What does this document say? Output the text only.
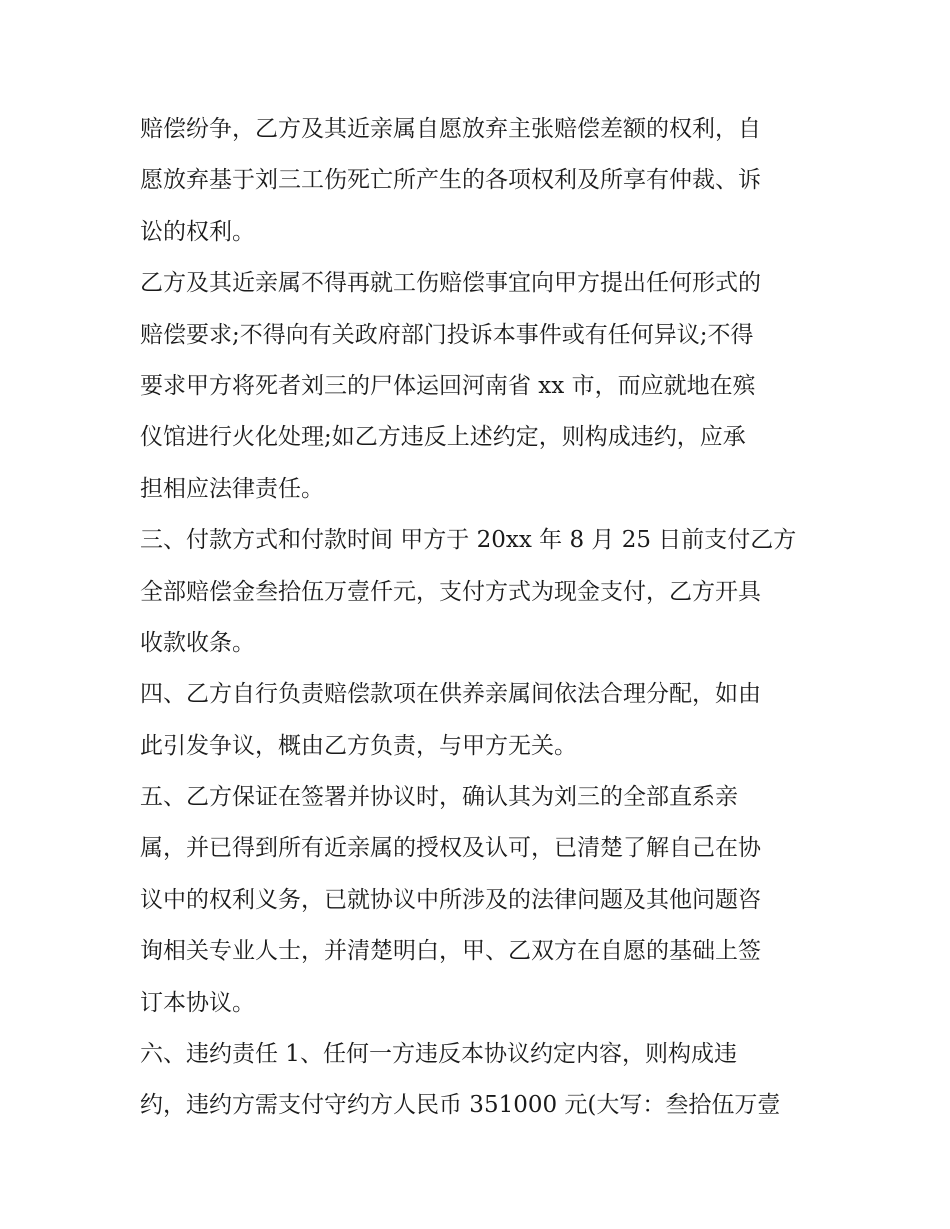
赔偿纷争，乙方及其近亲属自愿放弃主张赔偿差额的权利，自
愿放弃基于刘三工伤死亡所产生的各项权利及所享有仲裁、诉
讼的权利。
乙方及其近亲属不得再就工伤赔偿事宜向甲方提出任何形式的
赔偿要求;不得向有关政府部门投诉本事件或有任何异议;不得
要求甲方将死者刘三的尸体运回河南省 xx 市，而应就地在殡
仪馆进行火化处理;如乙方违反上述约定，则构成违约，应承
担相应法律责任。
三、付款方式和付款时间 甲方于 20xx 年 8 月 25 日前支付乙方
全部赔偿金叁拾伍万壹仟元，支付方式为现金支付，乙方开具
收款收条。
四、乙方自行负责赔偿款项在供养亲属间依法合理分配，如由
此引发争议，概由乙方负责，与甲方无关。
五、乙方保证在签署并协议时，确认其为刘三的全部直系亲
属，并已得到所有近亲属的授权及认可，已清楚了解自己在协
议中的权利义务，已就协议中所涉及的法律问题及其他问题咨
询相关专业人士，并清楚明白，甲、乙双方在自愿的基础上签
订本协议。
六、违约责任 1、任何一方违反本协议约定内容，则构成违
约，违约方需支付守约方人民币 351000 元(大写：叁拾伍万壹
